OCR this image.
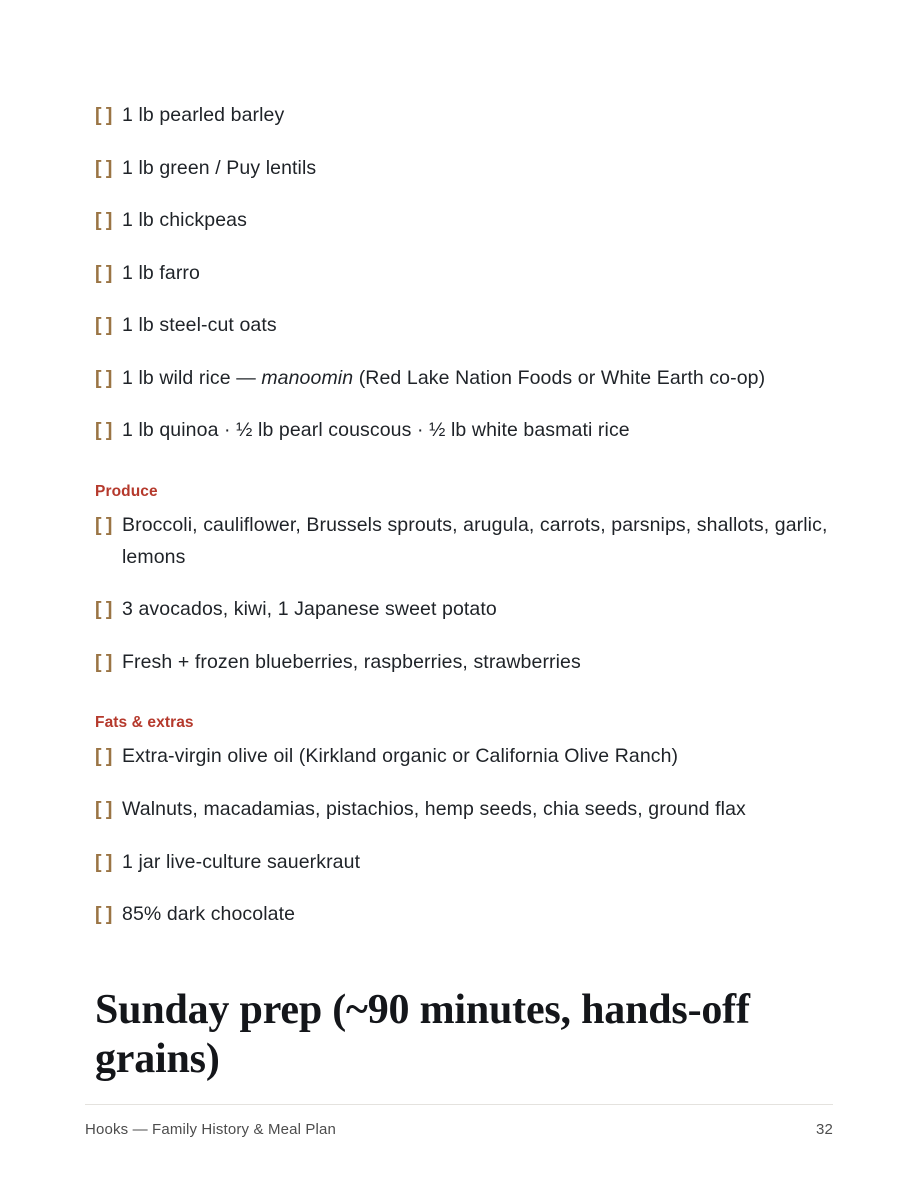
[ ] 1 lb pearled barley
[ ] 1 lb green / Puy lentils
[ ] 1 lb chickpeas
[ ] 1 lb farro
[ ] 1 lb steel-cut oats
[ ] 1 lb wild rice — manoomin (Red Lake Nation Foods or White Earth co-op)
[ ] 1 lb quinoa · ½ lb pearl couscous · ½ lb white basmati rice
Produce
[ ] Broccoli, cauliflower, Brussels sprouts, arugula, carrots, parsnips, shallots, garlic, lemons
[ ] 3 avocados, kiwi, 1 Japanese sweet potato
[ ] Fresh + frozen blueberries, raspberries, strawberries
Fats & extras
[ ] Extra-virgin olive oil (Kirkland organic or California Olive Ranch)
[ ] Walnuts, macadamias, pistachios, hemp seeds, chia seeds, ground flax
[ ] 1 jar live-culture sauerkraut
[ ] 85% dark chocolate
Sunday prep (~90 minutes, hands-off grains)
Hooks — Family History & Meal Plan	32
